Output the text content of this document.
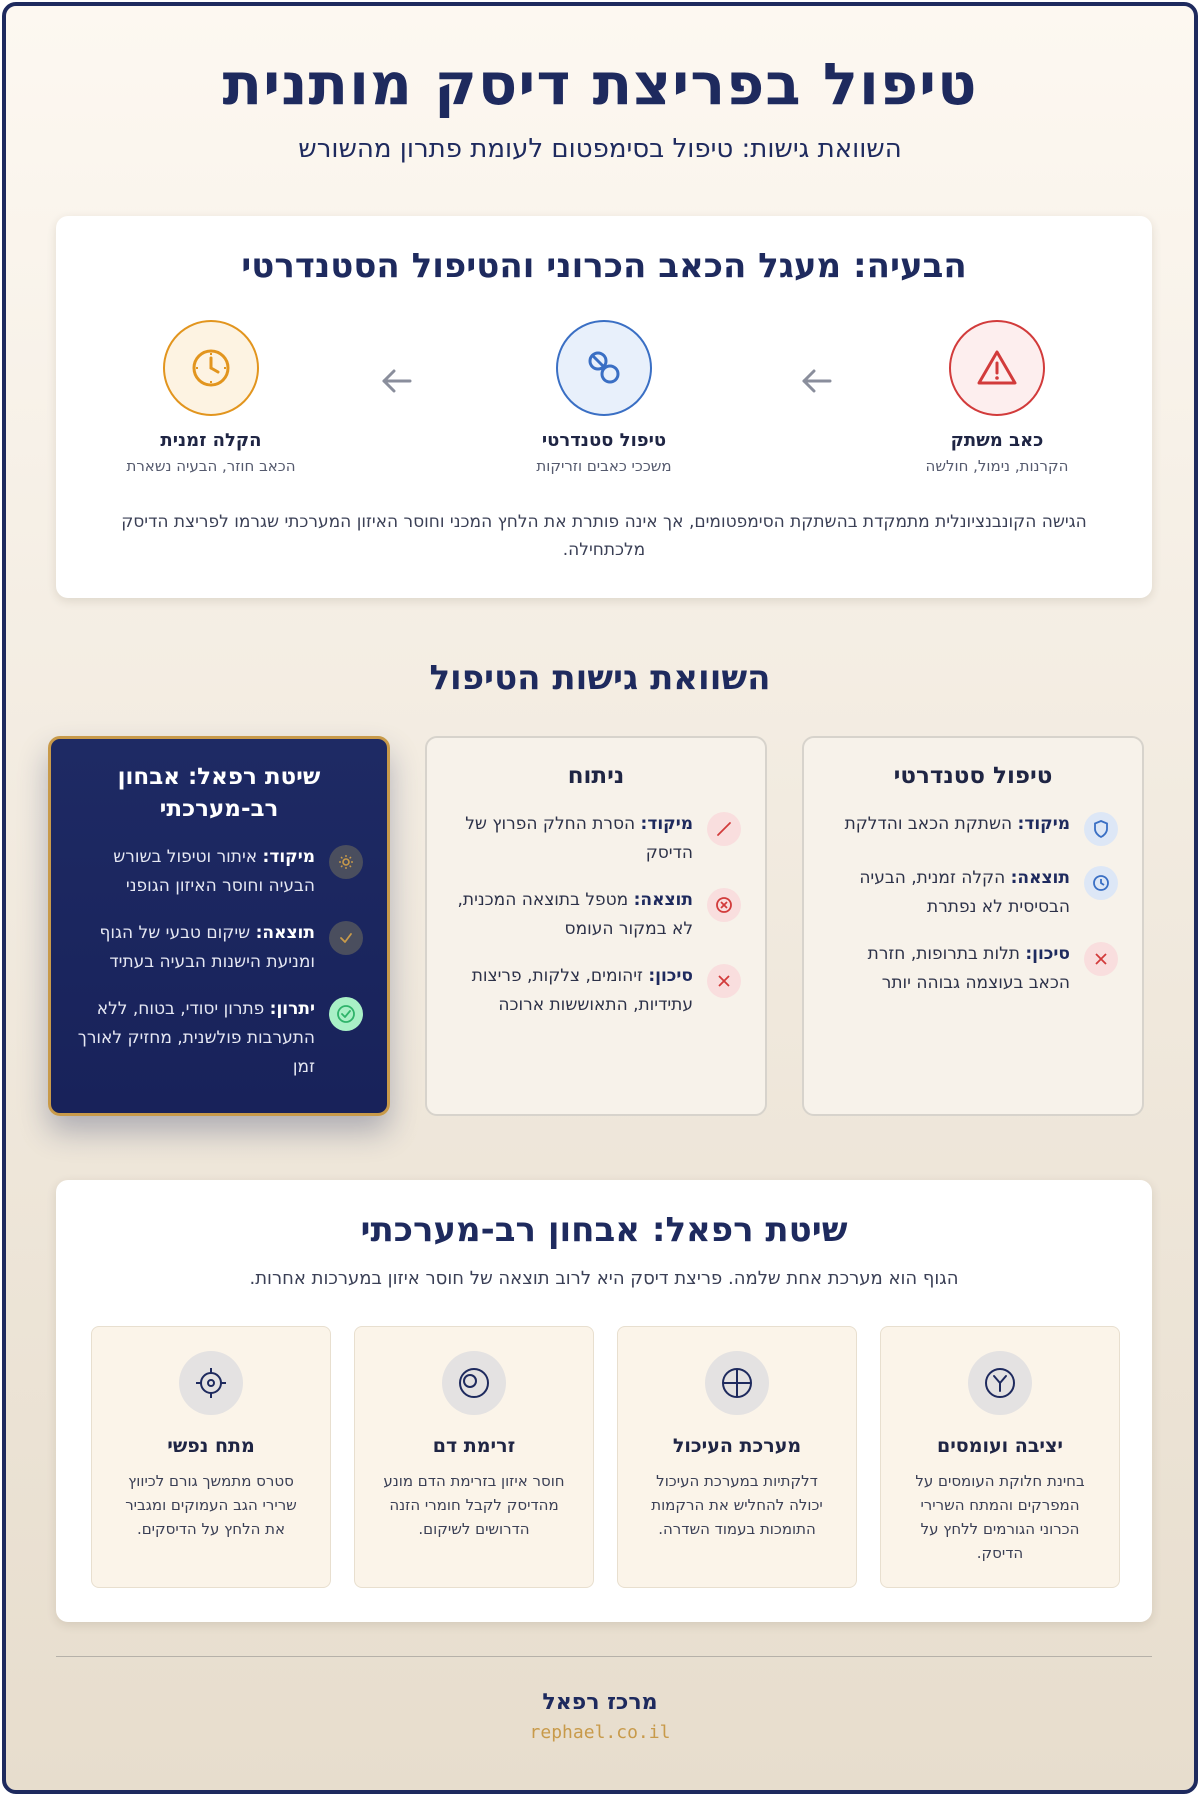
טיפול בפריצת דיסק מותנית
השוואת גישות: טיפול בסימפטום לעומת פתרון מהשורש
הבעיה: מעגל הכאב הכרוני והטיפול הסטנדרטי
כאב משתק
הקרנות, נימול, חולשה
טיפול סטנדרטי
משככי כאבים וזריקות
הקלה זמנית
הכאב חוזר, הבעיה נשארת
הגישה הקונבנציונלית מתמקדת בהשתקת הסימפטומים, אך אינה פותרת את הלחץ המכני וחוסר האיזון המערכתי שגרמו לפריצת הדיסק מלכתחילה.
השוואת גישות הטיפול
טיפול סטנדרטי
מיקוד: השתקת הכאב והדלקת
תוצאה: הקלה זמנית, הבעיה הבסיסית לא נפתרת
סיכון: תלות בתרופות, חזרת הכאב בעוצמה גבוהה יותר
ניתוח
מיקוד: הסרת החלק הפרוץ של הדיסק
תוצאה: מטפל בתוצאה המכנית, לא במקור העומס
סיכון: זיהומים, צלקות, פריצות עתידיות, התאוששות ארוכה
שיטת רפאל: אבחון רב-מערכתי
מיקוד: איתור וטיפול בשורש הבעיה וחוסר האיזון הגופני
תוצאה: שיקום טבעי של הגוף ומניעת הישנות הבעיה בעתיד
יתרון: פתרון יסודי, בטוח, ללא התערבות פולשנית, מחזיק לאורך זמן
שיטת רפאל: אבחון רב-מערכתי
הגוף הוא מערכת אחת שלמה. פריצת דיסק היא לרוב תוצאה של חוסר איזון במערכות אחרות.
יציבה ועומסים
בחינת חלוקת העומסים על המפרקים והמתח השרירי הכרוני הגורמים ללחץ על הדיסק.
מערכת העיכול
דלקתיות במערכת העיכול יכולה להחליש את הרקמות התומכות בעמוד השדרה.
זרימת דם
חוסר איזון בזרימת הדם מונע מהדיסק לקבל חומרי הזנה הדרושים לשיקום.
מתח נפשי
סטרס מתמשך גורם לכיווץ שרירי הגב העמוקים ומגביר את הלחץ על הדיסקים.
מרכז רפאל
rephael.co.il
